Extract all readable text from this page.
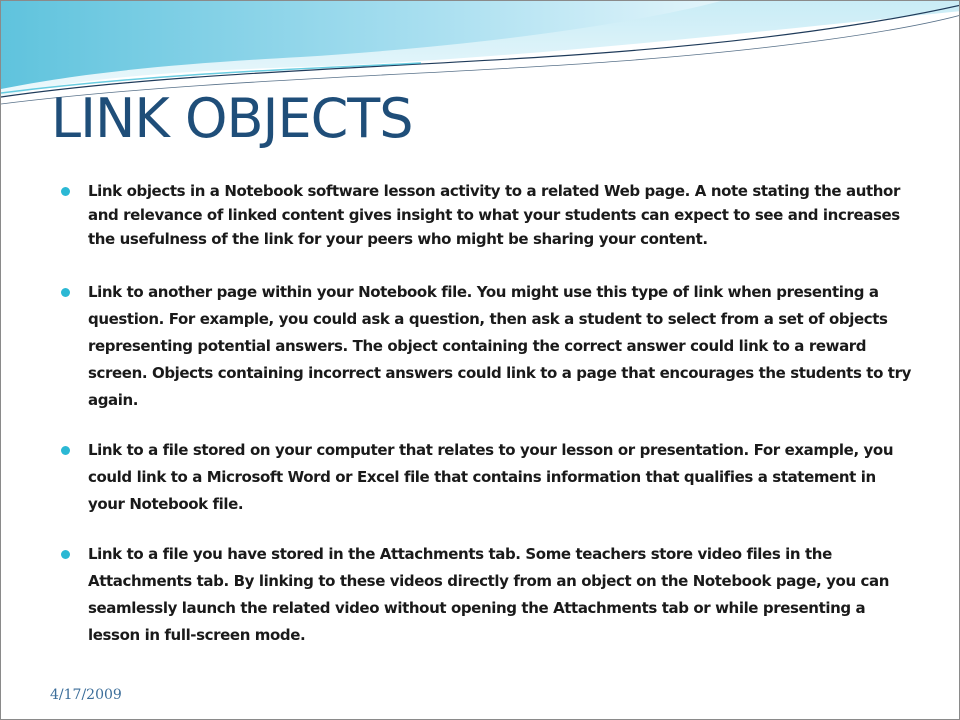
LINK OBJECTS
Link objects in a Notebook software lesson activity to a related Web page. A note stating the author and relevance of linked content gives insight to what your students can expect to see and increases the usefulness of the link for your peers who might be sharing your content.
Link to another page within your Notebook file. You might use this type of link when presenting a question. For example, you could ask a question, then ask a student to select from a set of objects representing potential answers. The object containing the correct answer could link to a reward screen. Objects containing incorrect answers could link to a page that encourages the students to try again.
Link to a file stored on your computer that relates to your lesson or presentation. For example, you could link to a Microsoft Word or Excel file that contains information that qualifies a statement in your Notebook file.
Link to a file you have stored in the Attachments tab. Some teachers store video files in the Attachments tab. By linking to these videos directly from an object on the Notebook page, you can seamlessly launch the related video without opening the Attachments tab or while presenting a lesson in full-screen mode.
4/17/2009
